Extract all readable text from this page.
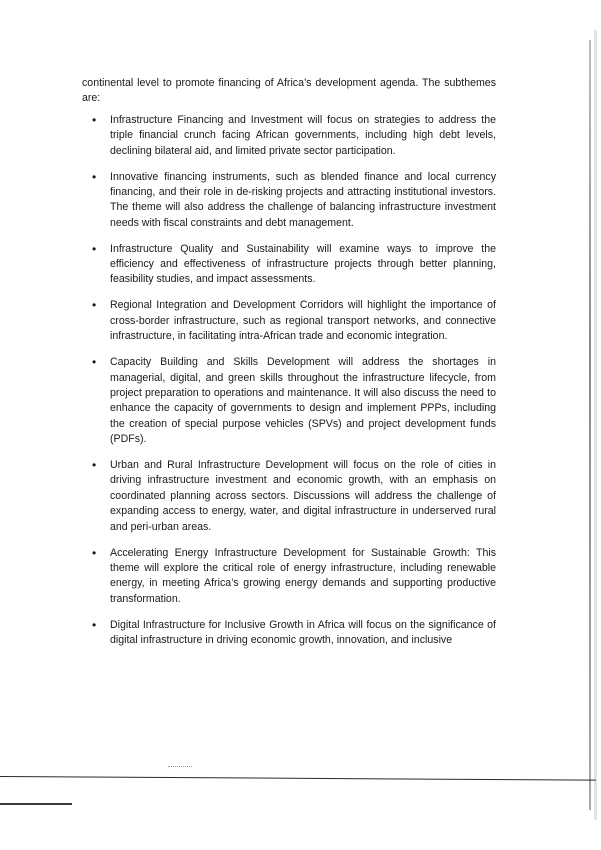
continental level to promote financing of Africa’s development agenda. The subthemes are:

• Infrastructure Financing and Investment will focus on strategies to address the triple financial crunch facing African governments, including high debt levels, declining bilateral aid, and limited private sector participation.
• Innovative financing instruments, such as blended finance and local currency financing, and their role in de-risking projects and attracting institutional investors. The theme will also address the challenge of balancing infrastructure investment needs with fiscal constraints and debt management.
• Infrastructure Quality and Sustainability will examine ways to improve the efficiency and effectiveness of infrastructure projects through better planning, feasibility studies, and impact assessments.
• Regional Integration and Development Corridors will highlight the importance of cross-border infrastructure, such as regional transport networks, and connective infrastructure, in facilitating intra-African trade and economic integration.
• Capacity Building and Skills Development will address the shortages in managerial, digital, and green skills throughout the infrastructure lifecycle, from project preparation to operations and maintenance. It will also discuss the need to enhance the capacity of governments to design and implement PPPs, including the creation of special purpose vehicles (SPVs) and project development funds (PDFs).
• Urban and Rural Infrastructure Development will focus on the role of cities in driving infrastructure investment and economic growth, with an emphasis on coordinated planning across sectors. Discussions will address the challenge of expanding access to energy, water, and digital infrastructure in underserved rural and peri-urban areas.
• Accelerating Energy Infrastructure Development for Sustainable Growth: This theme will explore the critical role of energy infrastructure, including renewable energy, in meeting Africa’s growing energy demands and supporting productive transformation.
• Digital Infrastructure for Inclusive Growth in Africa will focus on the significance of digital infrastructure in driving economic growth, innovation, and inclusive
